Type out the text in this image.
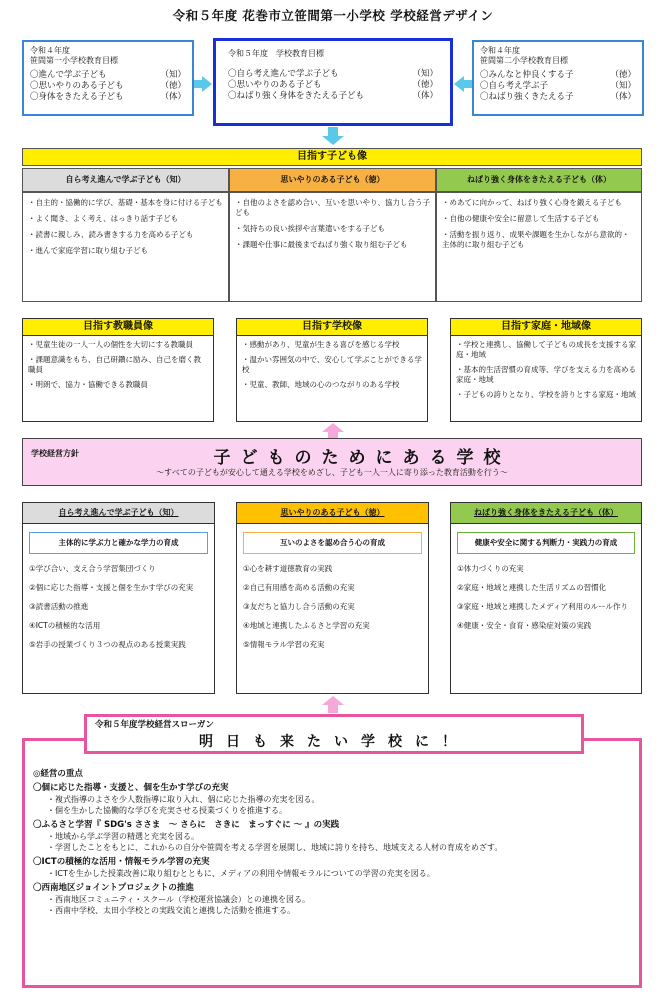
令和５年度 花巻市立笹間第一小学校 学校経営デザイン
令和４年度
笹間第一小学校教育目標
〇進んで学ぶ子ども	（知）
〇思いやりのある子ども	（徳）
〇身体をきたえる子ども	（体）
令和５年度　学校教育目標
〇自ら考え進んで学ぶ子ども	（知）
〇思いやりのある子ども	（徳）
〇ねばり強く身体をきたえる子ども	（体）
令和４年度
笹間第二小学校教育目標
〇みんなと仲良くする子	（徳）
〇自ら考え学ぶ子	（知）
〇ねばり強くきたえる子	（体）
目指す子ども像
自ら考え進んで学ぶ子ども（知）	思いやりのある子ども（徳）	ねばり強く身体をきたえる子ども（体）
・自主的・協働的に学び、基礎・基本を身に付ける子ども
・よく聞き、よく考え、はっきり話す子ども
・読書に親しみ、読み書きする力を高める子ども
・進んで家庭学習に取り組む子ども
・自他のよさを認め合い、互いを思いやり、協力し合う子ども
・気持ちの良い挨拶や言葉遣いをする子ども
・課題や仕事に最後までねばり強く取り組む子ども
・めあてに向かって、ねばり強く心身を鍛える子ども
・自他の健康や安全に留意して生活する子ども
・活動を振り返り、成果や課題を生かしながら意欲的・主体的に取り組む子ども
目指す教職員像
・児童生徒の一人一人の個性を大切にする教職員
・課題意識をもち、自己研鑽に励み、自己を磨く教職員
・明朗で、協力・協働できる教職員
目指す学校像
・感動があり、児童が生きる喜びを感じる学校
・温かい雰囲気の中で、安心して学ぶことができる学校
・児童、教師、地域の心のつながりのある学校
目指す家庭・地域像
・学校と連携し、協働して子どもの成長を支援する家庭・地域
・基本的生活習慣の育成等、学びを支える力を高める家庭・地域
・子どもの誇りとなり、学校を誇りとする家庭・地域
学校経営方針	子どものためにある学校
～すべての子どもが安心して通える学校をめざし、子ども一人一人に寄り添った教育活動を行う～
自ら考え進んで学ぶ子ども（知）
主体的に学ぶ力と確かな学力の育成
①学び合い、支え合う学習集団づくり
②個に応じた指導・支援と個を生かす学びの充実
③読書活動の推進
④ICTの積極的な活用
⑤岩手の授業づくり３つの視点のある授業実践
思いやりのある子ども（徳）
互いのよさを認め合う心の育成
①心を耕す道徳教育の実践
②自己有用感を高める活動の充実
③友だちと協力し合う活動の充実
④地域と連携したふるさと学習の充実
⑤情報モラル学習の充実
ねばり強く身体をきたえる子ども（体）
健康や安全に関する判断力・実践力の育成
①体力づくりの充実
②家庭・地域と連携した生活リズムの習慣化
③家庭・地域と連携したメディア利用のルール作り
④健康・安全・食育・感染症対策の実践
◎経営の重点
〇個に応じた指導・支援と、個を生かす学びの充実
・複式指導のよさを少人数指導に取り入れ、個に応じた指導の充実を図る。
・個を生かした協働的な学びを充実させる授業づくりを推進する。
〇ふるさと学習『 SDG's ささま　～ さらに　さきに　まっすぐに ～ 』の実践
・地域から学ぶ学習の精選と充実を図る。
・学習したことをもとに、これからの自分や笹間を考える学習を展開し、地域に誇りを持ち、地域支える人材の育成をめざす。
〇ICTの積極的な活用・情報モラル学習の充実
・ICTを生かした授業改善に取り組むとともに、メディアの利用や情報モラルについての学習の充実を図る。
〇西南地区ジョイントプロジェクトの推進
・西南地区コミュニティ・スクール（学校運営協議会）との連携を図る。
・西南中学校、太田小学校との実践交流と連携した活動を推進する。
令和５年度学校経営スローガン
明日も来たい学校に！
